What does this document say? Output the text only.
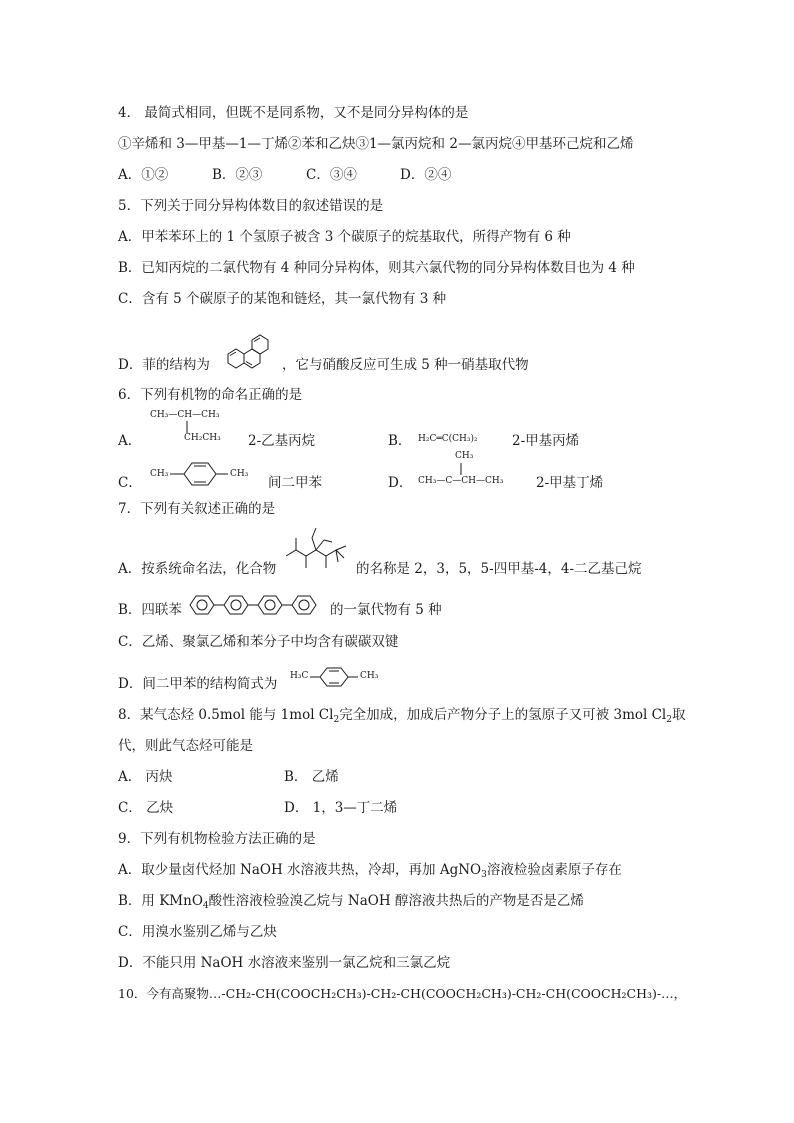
4． 最简式相同，但既不是同系物，又不是同分异构体的是
①辛烯和 3—甲基—1—丁烯②苯和乙炔③1—氯丙烷和 2—氯丙烷④甲基环己烷和乙烯
A．①②	B．②③	C．③④	D．②④
5．下列关于同分异构体数目的叙述错误的是
A．甲苯苯环上的 1 个氢原子被含 3 个碳原子的烷基取代，所得产物有 6 种
B．已知丙烷的二氯代物有 4 种同分异构体，则其六氯代物的同分异构体数目也为 4 种
C．含有 5 个碳原子的某饱和链烃，其一氯代物有 3 种
D．菲的结构为	，它与硝酸反应可生成 5 种一硝基取代物
6．下列有机物的命名正确的是
A．
CH₃—CH—CH₃
CH₂CH₃ 2-乙基丙烷	B． H₂C═C(CH₃)₂	2-甲基丙烯
C．
CH₃	CH₃
间二甲苯	D．
CH₃
CH₃—C—CH—CH₃ 2-甲基丁烯
7．下列有关叙述正确的是
A．按系统命名法，化合物	的名称是 2，3，5，5-四甲基-4，4-二乙基己烷
B．四联苯	的一氯代物有 5 种
C．乙烯、聚氯乙烯和苯分子中均含有碳碳双键
D．间二甲苯的结构简式为 H₃C	CH₃
8．某气态烃 0.5mol 能与 1mol $Cl_2$完全加成，加成后产物分子上的氢原子又可被 3mol $Cl_2$取
代，则此气态烃可能是
A． 丙炔	B． 乙烯
C． 乙炔	D． 1，3—丁二烯
9．下列有机物检验方法正确的是
A．取少量卤代烃加 NaOH 水溶液共热，冷却，再加 AgNO$_3$溶液检验卤素原子存在
B．用 KMnO$_4$酸性溶液检验溴乙烷与 NaOH 醇溶液共热后的产物是否是乙烯
C．用溴水鉴别乙烯与乙炔
D．不能只用 NaOH 水溶液来鉴别一氯乙烷和三氯乙烷
10．今有高聚物…-CH₂-CH(COOCH₂CH₃)-CH₂-CH(COOCH₂CH₃)-CH₂-CH(COOCH₂CH₃)-…，
